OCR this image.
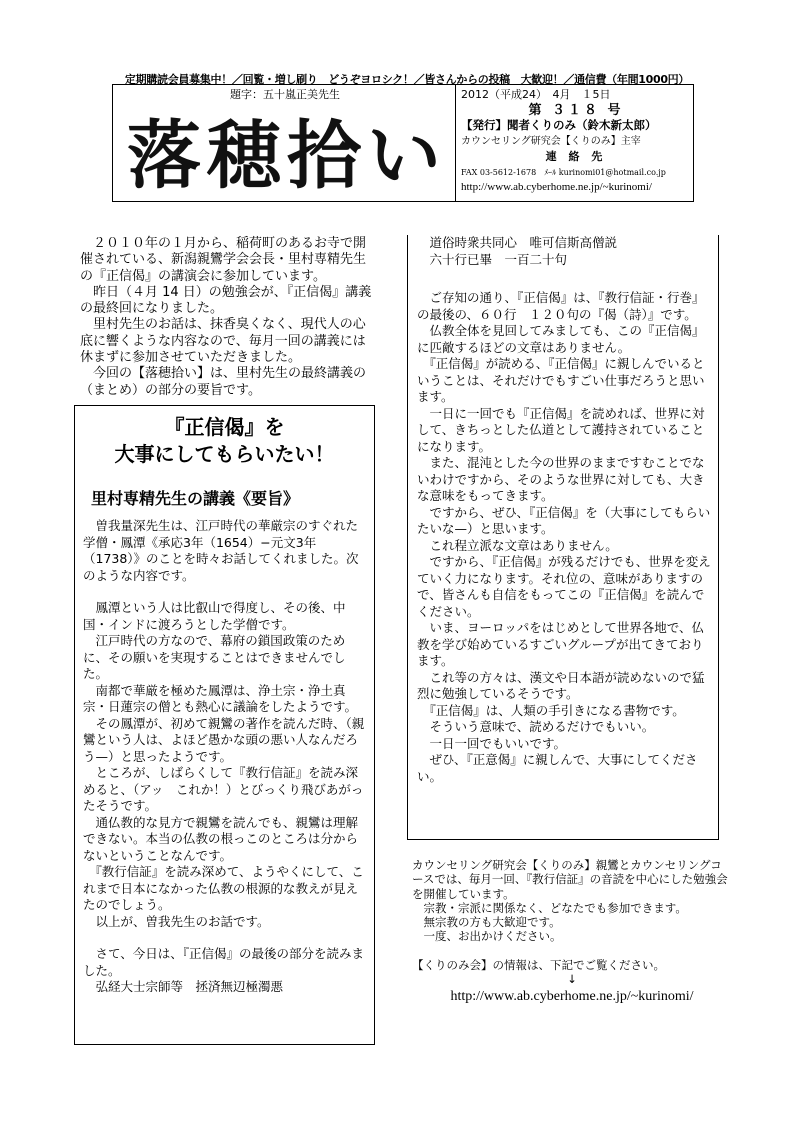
定期購読会員募集中！／回覧・増し刷り　どうぞヨロシク！／皆さんからの投稿　大歓迎！／通信費（年間1000円）
題字：五十嵐正美先生
落穂拾い
2012（平成24）　4月　１5日
第 ３１８ 号
【発行】聞者くりのみ（鈴木新太郎）
カウンセリング研究会【くりのみ】主宰
連 絡 先
FAX 03-5612-1678　ﾒｰﾙ kurinomi01@hotmail.co.jp
http://www.ab.cyberhome.ne.jp/~kurinomi/

　２０１０年の１月から、稲荷町のあるお寺で開催されている、新潟親鸞学会会長・里村専精先生の『正信偈』の講演会に参加しています。

　昨日（４月 14 日）の勉強会が、『正信偈』講義の最終回になりました。

　里村先生のお話は、抹香臭くなく、現代人の心底に響くような内容なので、毎月一回の講義には休まずに参加させていただきました。

　今回の【落穂拾い】は、里村先生の最終講義の（まとめ）の部分の要旨です。

『正信偈』を
大事にしてもらいたい！
里村専精先生の講義《要旨》

　曽我量深先生は、江戸時代の華厳宗のすぐれた学僧・鳳潭《承応3年（1654）−元文3年（1738）》のことを時々お話してくれました。次のような内容です。

　鳳潭という人は比叡山で得度し、その後、中国・インドに渡ろうとした学僧です。

　江戸時代の方なので、幕府の鎖国政策のために、その願いを実現することはできませんでした。

　南都で華厳を極めた鳳潭は、浄土宗・浄土真宗・日蓮宗の僧とも熱心に議論をしたようです。

　その鳳潭が、初めて親鸞の著作を読んだ時、（親鸞という人は、よほど愚かな頭の悪い人なんだろう—）と思ったようです。

　ところが、しばらくして『教行信証』を読み深めると、（アッ　これか！）とびっくり飛びあがったそうです。

　通仏教的な見方で親鸞を読んでも、親鸞は理解できない。本当の仏教の根っこのところは分からないということなんです。

　『教行信証』を読み深めて、ようやくにして、これまで日本になかった仏教の根源的な教えが見えたのでしょう。

　以上が、曽我先生のお話です。

　さて、今日は、『正信偈』の最後の部分を読みました。

　弘経大士宗師等　拯済無辺極濁悪

　道俗時衆共同心　唯可信斯高僧説

　六十行已畢　一百二十句

　ご存知の通り、『正信偈』は、『教行信証・行巻』の最後の、６０行　１２０句の『偈（詩）』です。

　仏教全体を見回してみましても、この『正信偈』に匹敵するほどの文章はありません。

　『正信偈』が読める、『正信偈』に親しんでいるということは、それだけでもすごい仕事だろうと思います。

　一日に一回でも『正信偈』を読めれば、世界に対して、きちっとした仏道として護持されていることになります。

　また、混沌とした今の世界のままですむことでないわけですから、そのような世界に対しても、大きな意味をもってきます。

　ですから、ぜひ、『正信偈』を（大事にしてもらいたいな—）と思います。

　これ程立派な文章はありません。

　ですから、『正信偈』が残るだけでも、世界を変えていく力になります。それ位の、意味がありますので、皆さんも自信をもってこの『正信偈』を読んでください。

　いま、ヨーロッパをはじめとして世界各地で、仏教を学び始めているすごいグループが出てきております。

　これ等の方々は、漢文や日本語が読めないので猛烈に勉強しているそうです。

　『正信偈』は、人類の手引きになる書物です。

　そういう意味で、読めるだけでもいい。

　一日一回でもいいです。

　ぜひ、『正意偈』に親しんで、大事にしてください。

カウンセリング研究会【くりのみ】親鸞とカウンセリングコースでは、毎月一回、『教行信証』の音読を中心にした勉強会を開催しています。

　宗教・宗派に関係なく、どなたでも参加できます。

　無宗教の方も大歓迎です。

　一度、お出かけください。

【くりのみ会】の情報は、下記でご覧ください。

↓

http://www.ab.cyberhome.ne.jp/~kurinomi/
